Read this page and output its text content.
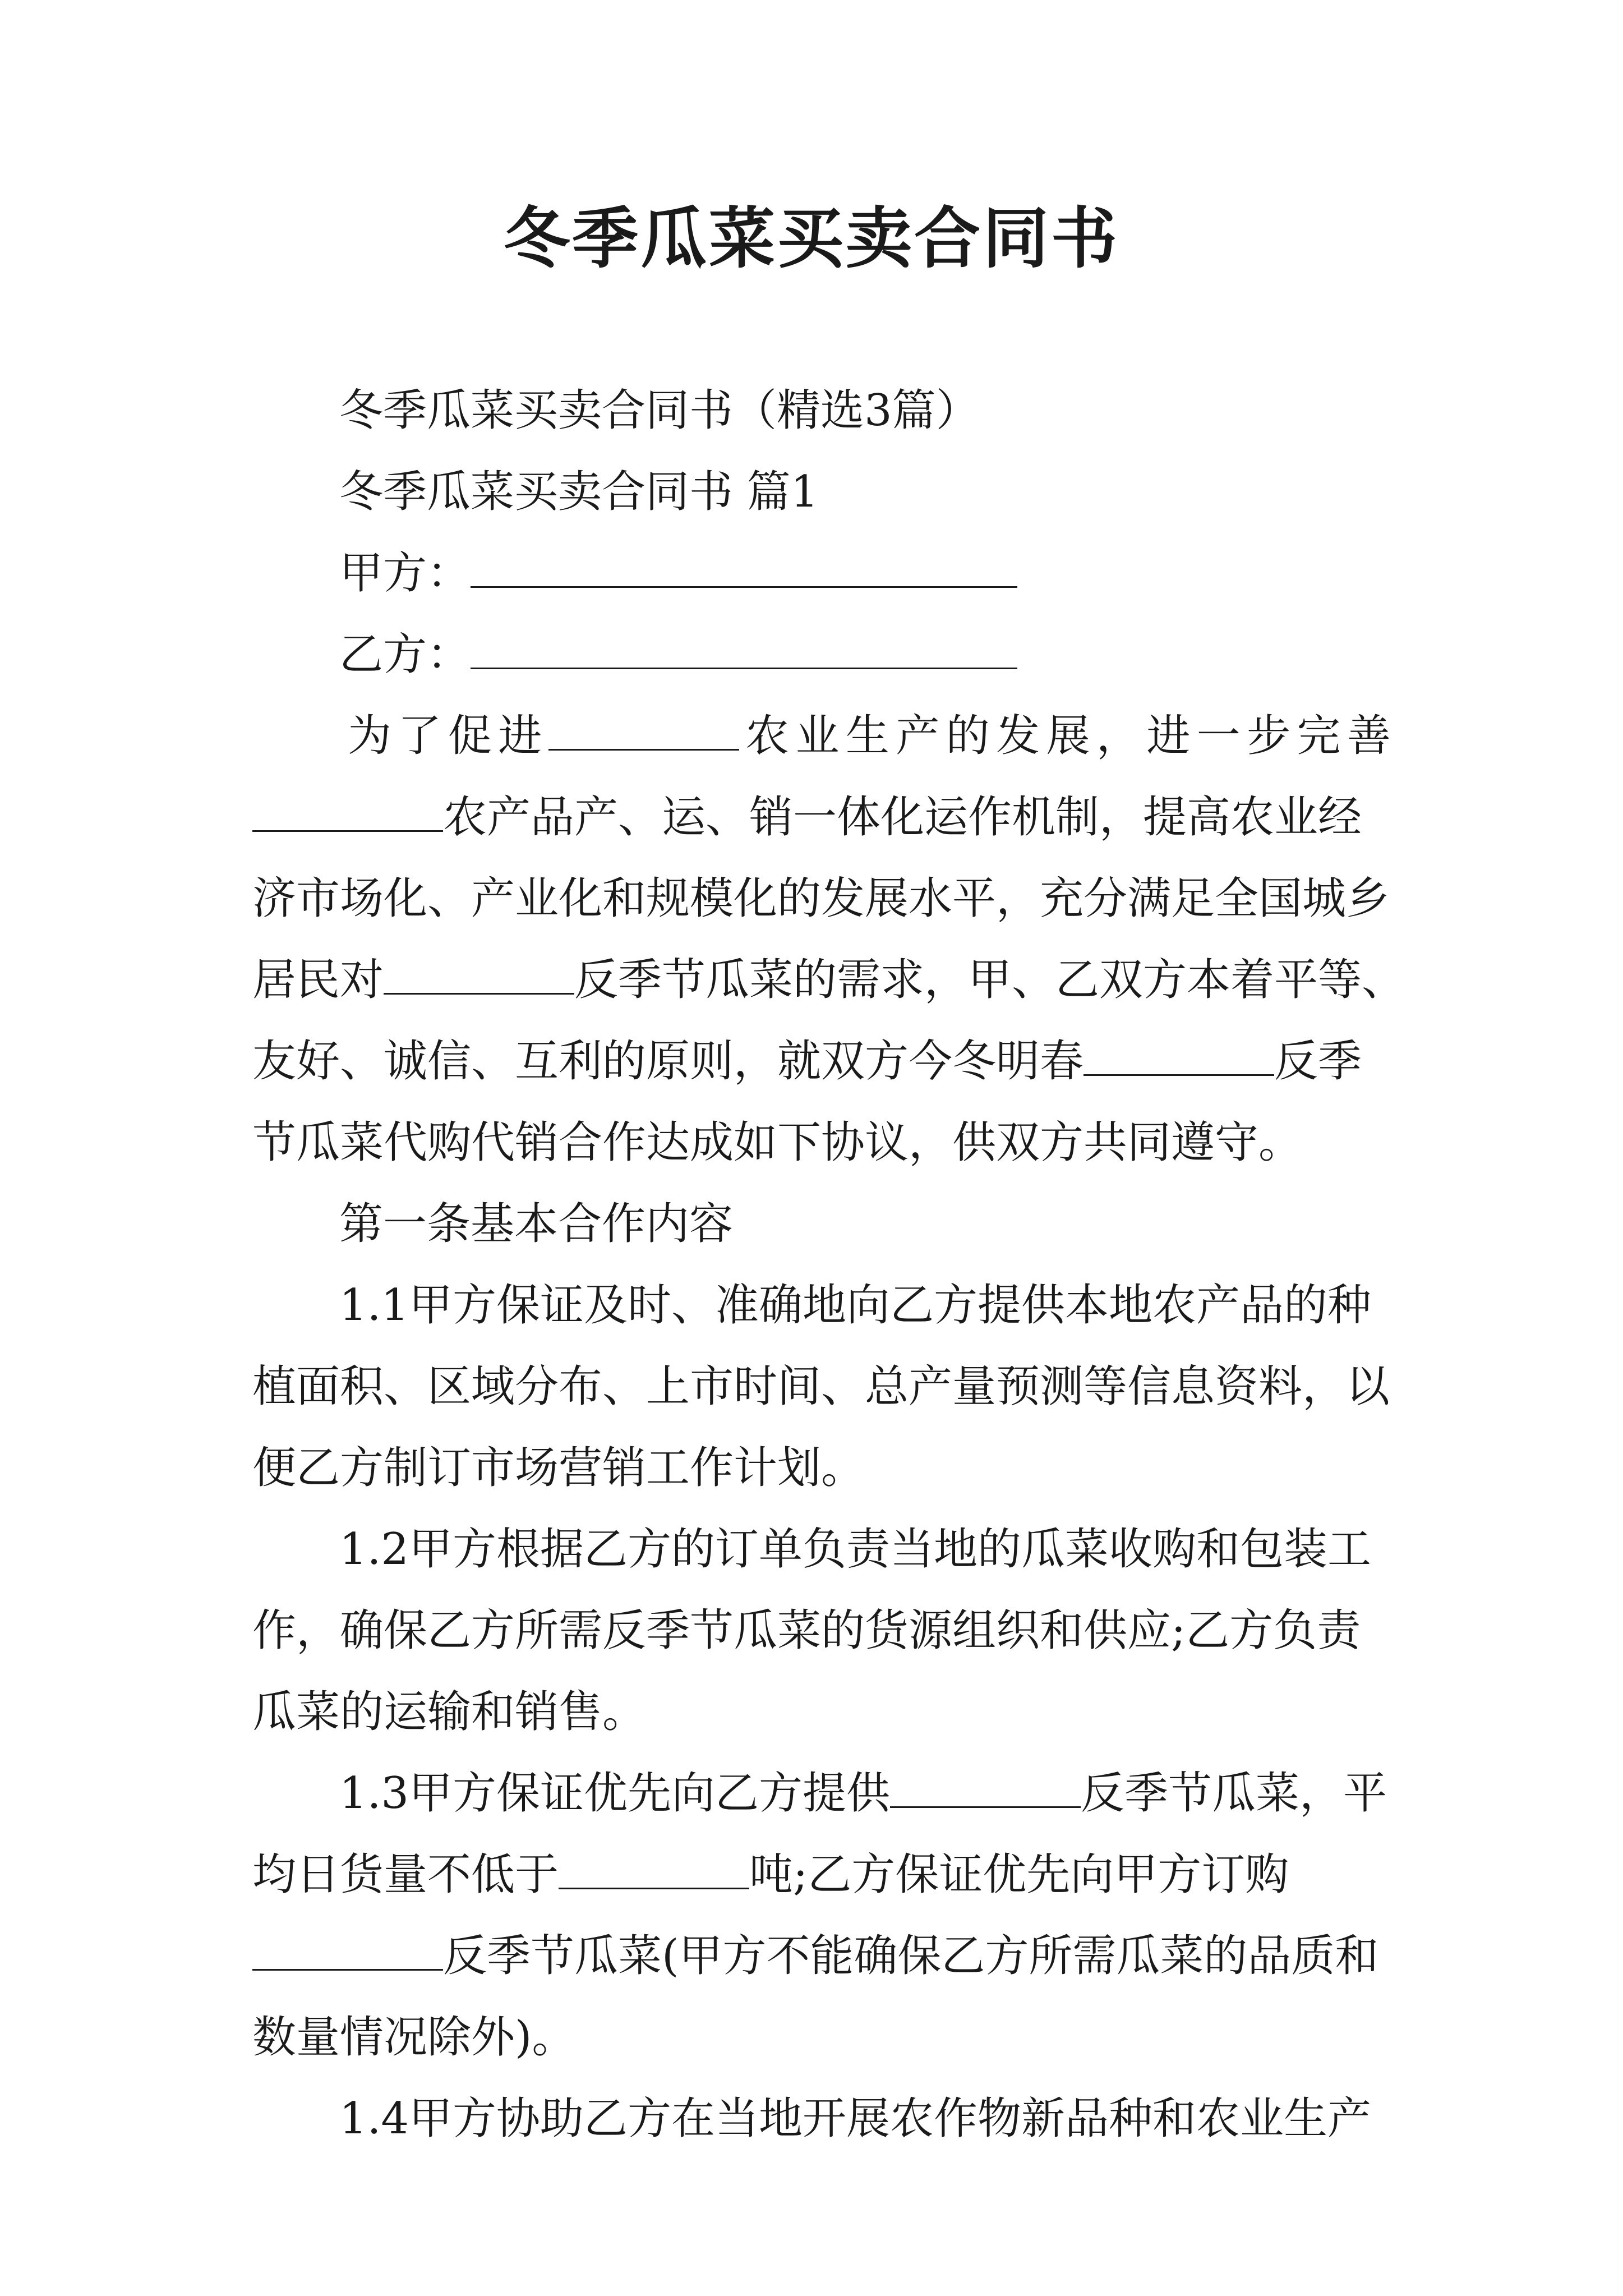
冬季瓜菜买卖合同书
冬季瓜菜买卖合同书（精选3篇）
冬季瓜菜买卖合同书 篇1
甲方：
乙方：
为了促进	农业生产的发展，进一步完善
农产品产、运、销一体化运作机制，提高农业经
济市场化、产业化和规模化的发展水平，充分满足全国城乡
居民对	反季节瓜菜的需求，甲、乙双方本着平等、
友好、诚信、互利的原则，就双方今冬明春	反季
节瓜菜代购代销合作达成如下协议，供双方共同遵守。
第一条基本合作内容
1.1甲方保证及时、准确地向乙方提供本地农产品的种
植面积、区域分布、上市时间、总产量预测等信息资料，以
便乙方制订市场营销工作计划。
1.2甲方根据乙方的订单负责当地的瓜菜收购和包装工
作，确保乙方所需反季节瓜菜的货源组织和供应;乙方负责
瓜菜的运输和销售。
1.3甲方保证优先向乙方提供	反季节瓜菜，平
均日货量不低于	吨;乙方保证优先向甲方订购
反季节瓜菜(甲方不能确保乙方所需瓜菜的品质和
数量情况除外)。
1.4甲方协助乙方在当地开展农作物新品种和农业生产
